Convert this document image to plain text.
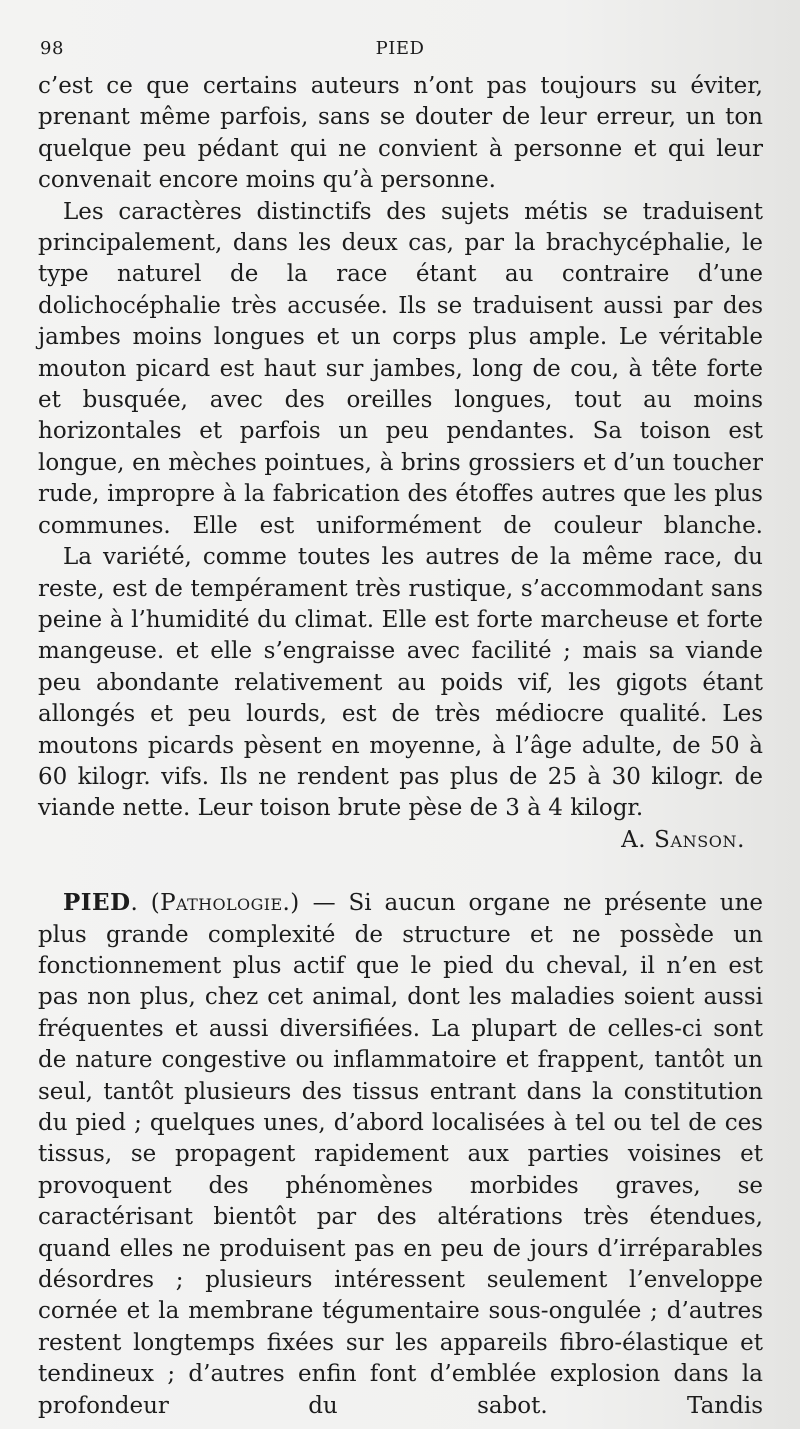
98	PIED

c’est ce que certains auteurs n’ont pas toujours su éviter, prenant même parfois, sans se douter de leur erreur, un ton quelque peu pédant qui ne convient à personne et qui leur convenait encore moins qu’à personne.

Les caractères distinctifs des sujets métis se traduisent principalement, dans les deux cas, par la brachycéphalie, le type naturel de la race étant au contraire d’une dolichocéphalie très accusée. Ils se traduisent aussi par des jambes moins longues et un corps plus ample. Le véritable mouton picard est haut sur jambes, long de cou, à tête forte et busquée, avec des oreilles longues, tout au moins horizontales et parfois un peu pendantes. Sa toison est longue, en mèches pointues, à brins grossiers et d’un toucher rude, impropre à la fabrication des étoffes autres que les plus communes. Elle est uniformément de couleur blanche.

La variété, comme toutes les autres de la même race, du reste, est de tempérament très rustique, s’accommodant sans peine à l’humidité du climat. Elle est forte marcheuse et forte mangeuse. et elle s’engraisse avec facilité ; mais sa viande peu abondante relativement au poids vif, les gigots étant allongés et peu lourds, est de très médiocre qualité. Les moutons picards pèsent en moyenne, à l’âge adulte, de 50 à 60 kilogr. vifs. Ils ne rendent pas plus de 25 à 30 kilogr. de viande nette. Leur toison brute pèse de 3 à 4 kilogr.

A. Sanson.

PIED. (Pathologie.) — Si aucun organe ne présente une plus grande complexité de structure et ne possède un fonctionnement plus actif que le pied du cheval, il n’en est pas non plus, chez cet animal, dont les maladies soient aussi fréquentes et aussi diversifiées. La plupart de celles-ci sont de nature congestive ou inflammatoire et frappent, tantôt un seul, tantôt plusieurs des tissus entrant dans la constitution du pied ; quelques unes, d’abord localisées à tel ou tel de ces tissus, se propagent rapidement aux parties voisines et provoquent des phénomènes morbides graves, se caractérisant bientôt par des altérations très étendues, quand elles ne produisent pas en peu de jours d’irréparables désordres ; plusieurs intéressent seulement l’enveloppe cornée et la membrane tégumentaire sous-ongulée ; d’autres restent longtemps fixées sur les appareils fibro-élastique et tendineux ; d’autres enfin font d’emblée explosion dans la profondeur du sabot. Tandis
